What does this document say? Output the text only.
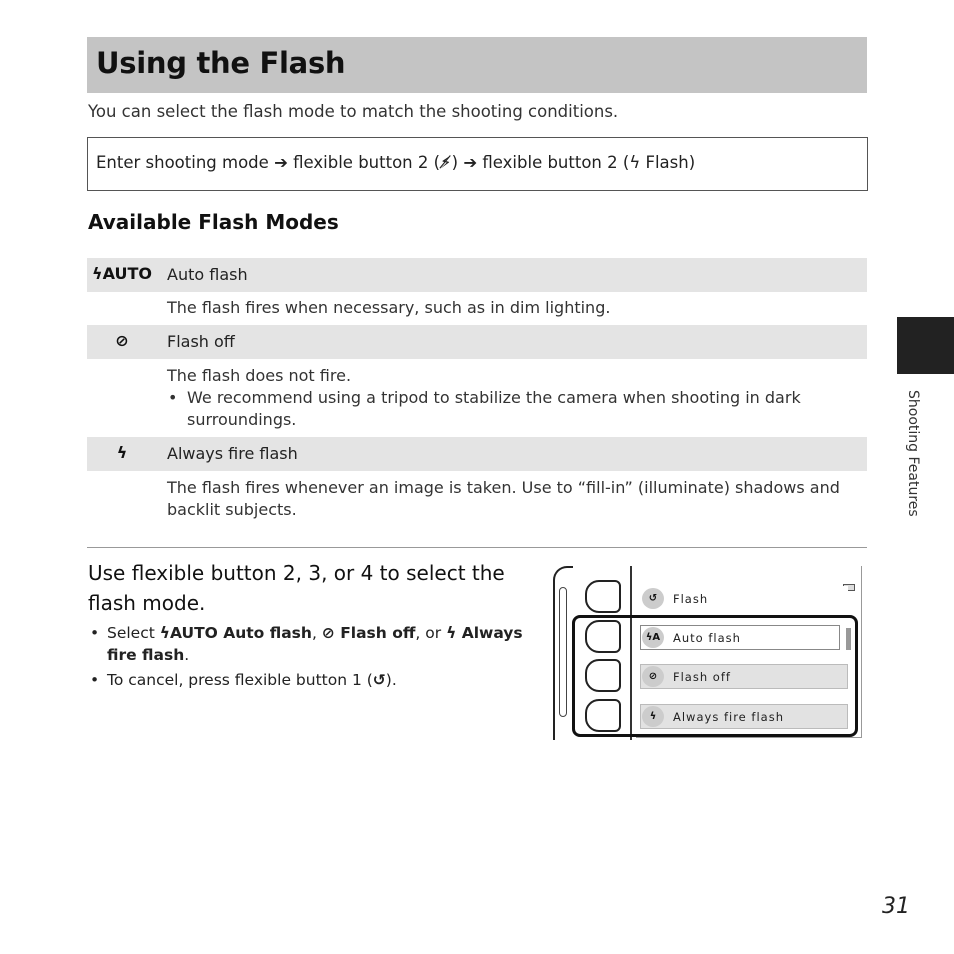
Using the Flash
You can select the flash mode to match the shooting conditions.
Enter shooting mode ➔ flexible button 2 (⚡̸) ➔ flexible button 2 (ϟ Flash)
Available Flash Modes
ϟAUTO Auto flash
The flash fires when necessary, such as in dim lighting.
⊘	Flash off
The flash does not fire.
• We recommend using a tripod to stabilize the camera when shooting in dark surroundings.
ϟ	Always fire flash
The flash fires whenever an image is taken. Use to “fill-in” (illuminate) shadows and backlit subjects.
Use flexible button 2, 3, or 4 to select the flash mode.
• Select ϟAUTO Auto flash, ⊘ Flash off, or ϟ Always fire flash.
• To cancel, press flexible button 1 (↺).
↺	Flash
ϟA	Auto flash
⊘	Flash off
ϟ	Always fire flash
Shooting Features
31
